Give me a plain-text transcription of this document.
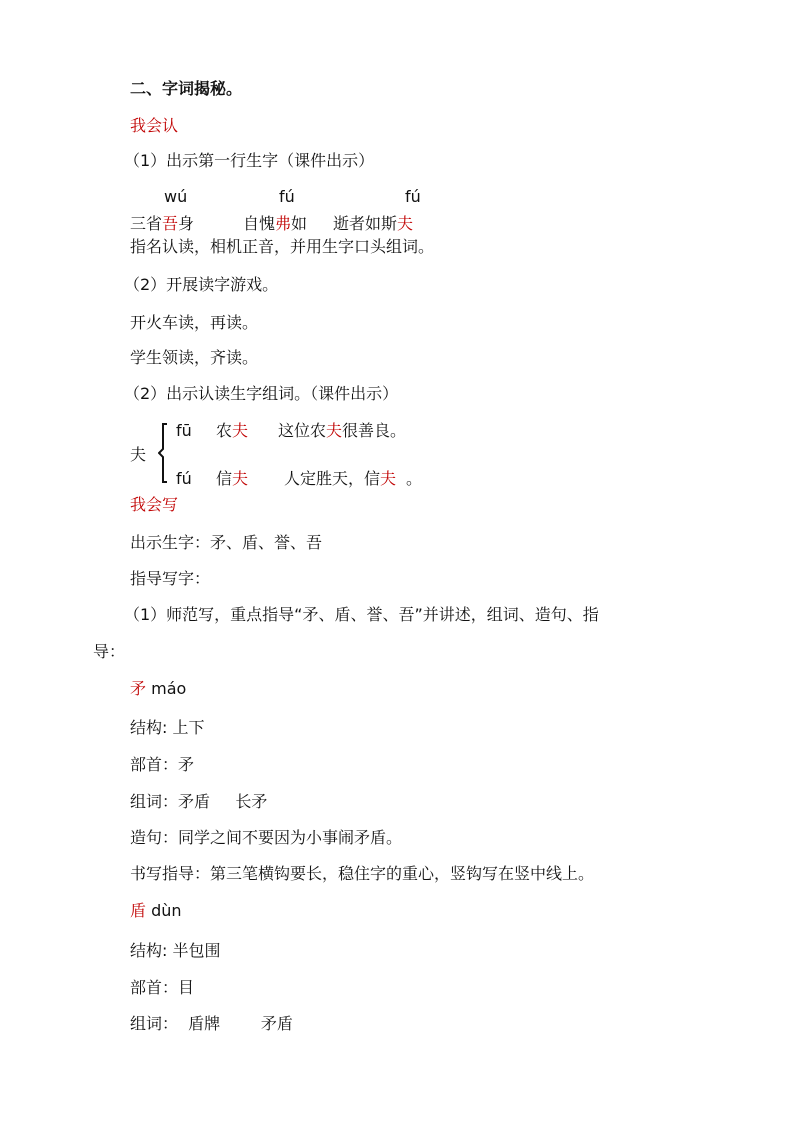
二、字词揭秘。
我会认
（1）出示第一行生字（课件出示）
wú	fú	fú
三省吾身	自愧弗如 逝者如斯夫
指名认读，相机正音，并用生字口头组词。
（2）开展读字游戏。
开火车读，再读。
学生领读，齐读。
（2）出示认读生字组词。（课件出示）
夫
fū 农夫 这位农夫很善良。
fú 信夫 人定胜天，信夫 。
我会写
出示生字：矛、盾、誉、吾
指导写字：
（1）师范写，重点指导“矛、盾、誉、吾”并讲述，组词、造句、指
导：
矛 máo
结构: 上下
部首：矛
组词：矛盾     长矛
造句：同学之间不要因为小事闹矛盾。
书写指导：第三笔横钩要长，稳住字的重心，竖钩写在竖中线上。
盾 dùn
结构: 半包围
部首：目
组词：  盾牌        矛盾
